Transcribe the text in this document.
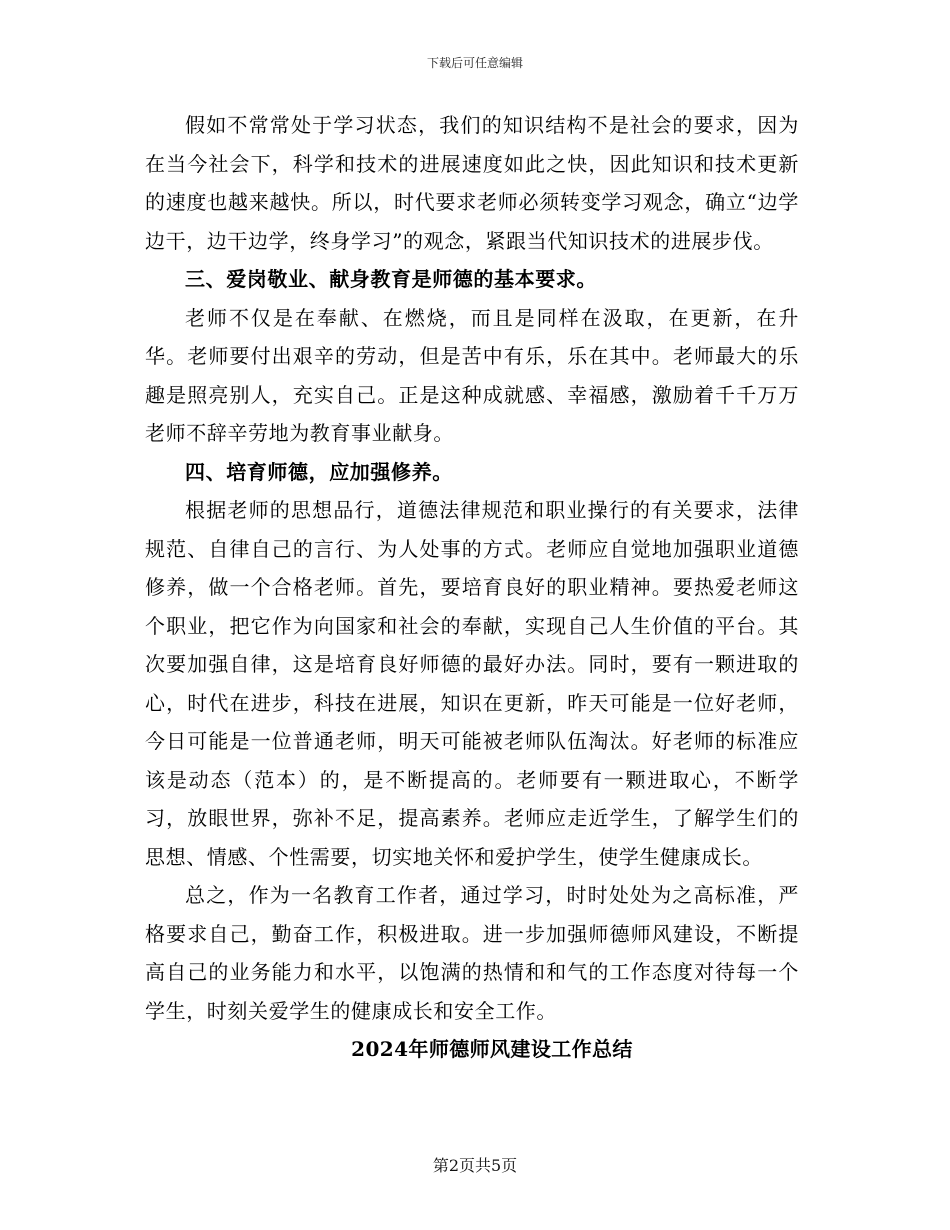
下载后可任意编辑

假如不常常处于学习状态，我们的知识结构不是社会的要求，因为在当今社会下，科学和技术的进展速度如此之快，因此知识和技术更新的速度也越来越快。所以，时代要求老师必须转变学习观念，确立“边学边干，边干边学，终身学习”的观念，紧跟当代知识技术的进展步伐。

三、爱岗敬业、献身教育是师德的基本要求。

老师不仅是在奉献、在燃烧，而且是同样在汲取，在更新，在升华。老师要付出艰辛的劳动，但是苦中有乐，乐在其中。老师最大的乐趣是照亮别人，充实自己。正是这种成就感、幸福感，激励着千千万万老师不辞辛劳地为教育事业献身。

四、培育师德，应加强修养。

根据老师的思想品行，道德法律规范和职业操行的有关要求，法律规范、自律自己的言行、为人处事的方式。老师应自觉地加强职业道德修养，做一个合格老师。首先，要培育良好的职业精神。要热爱老师这个职业，把它作为向国家和社会的奉献，实现自己人生价值的平台。其次要加强自律，这是培育良好师德的最好办法。同时，要有一颗进取的心，时代在进步，科技在进展，知识在更新，昨天可能是一位好老师，今日可能是一位普通老师，明天可能被老师队伍淘汰。好老师的标准应该是动态（范本）的，是不断提高的。老师要有一颗进取心，不断学习，放眼世界，弥补不足，提高素养。老师应走近学生，了解学生们的思想、情感、个性需要，切实地关怀和爱护学生，使学生健康成长。

总之，作为一名教育工作者，通过学习，时时处处为之高标准，严格要求自己，勤奋工作，积极进取。进一步加强师德师风建设，不断提高自己的业务能力和水平，以饱满的热情和和气的工作态度对待每一个学生，时刻关爱学生的健康成长和安全工作。

2024年师德师风建设工作总结

第2页共5页
